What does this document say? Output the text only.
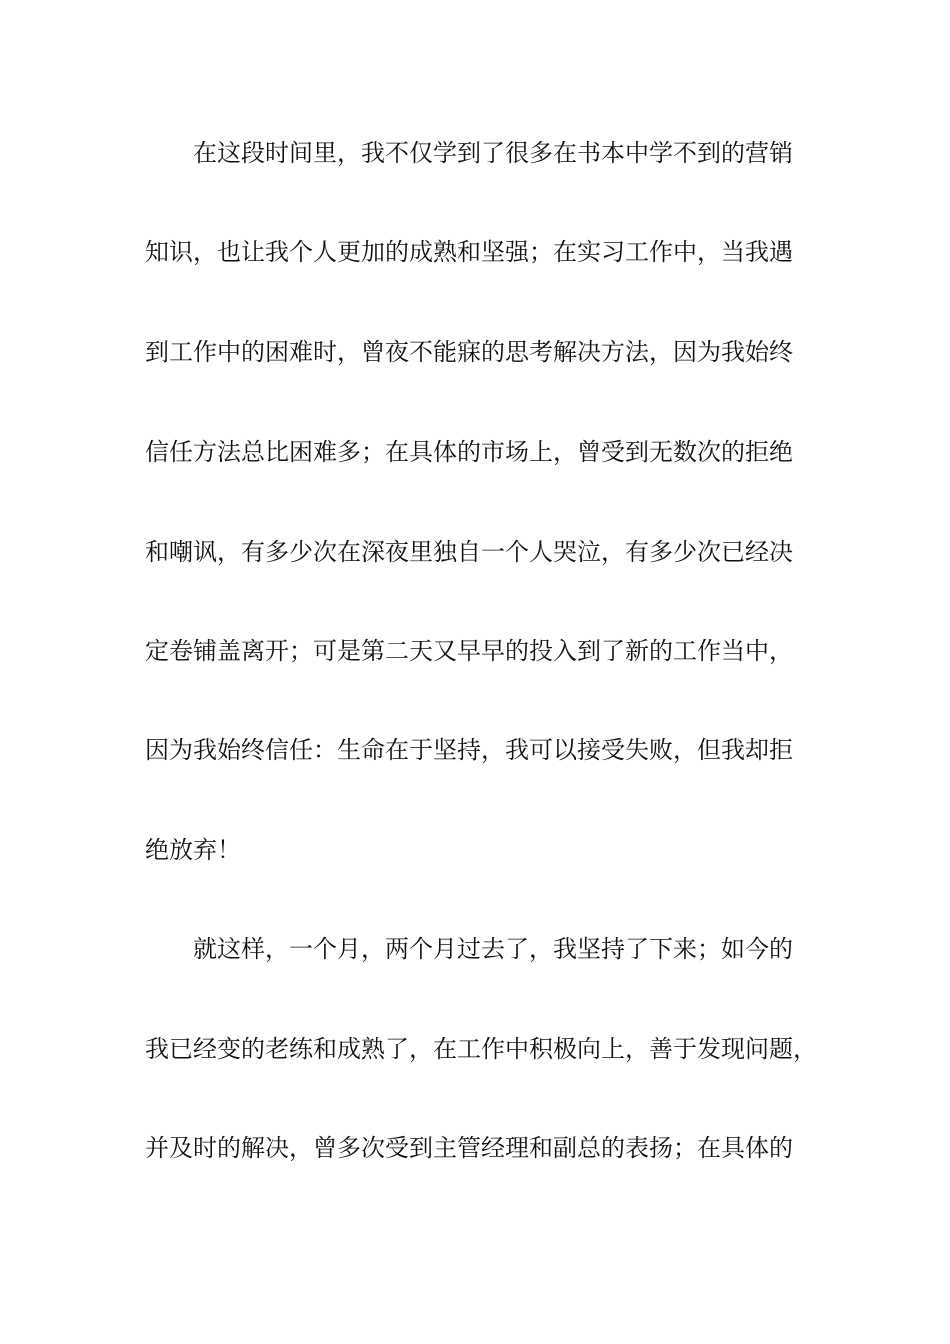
在这段时间里，我不仅学到了很多在书本中学不到的营销
知识，也让我个人更加的成熟和坚强；在实习工作中，当我遇
到工作中的困难时，曾夜不能寐的思考解决方法，因为我始终
信任方法总比困难多；在具体的市场上，曾受到无数次的拒绝
和嘲讽，有多少次在深夜里独自一个人哭泣，有多少次已经决
定卷铺盖离开；可是第二天又早早的投入到了新的工作当中，
因为我始终信任：生命在于坚持，我可以接受失败，但我却拒
绝放弃！
就这样，一个月，两个月过去了，我坚持了下来；如今的
我已经变的老练和成熟了，在工作中积极向上，善于发现问题，
并及时的解决，曾多次受到主管经理和副总的表扬；在具体的
